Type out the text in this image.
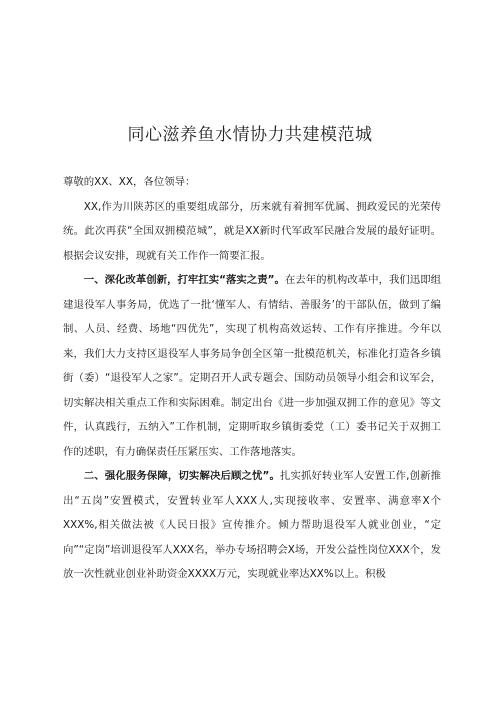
同心滋养鱼水情协力共建模范城

尊敬的XX、XX，各位领导：

XX,作为川陕苏区的重要组成部分，历来就有着拥军优属、拥政爱民的光荣传统。此次再获“全国双拥模范城”，就是XX新时代军政军民融合发展的最好证明。根据会议安排，现就有关工作作一简要汇报。

一、深化改革创新，打牢扛实“落实之责”。在去年的机构改革中，我们迅即组建退役军人事务局，优选了一批‘懂军人、有情结、善服务’的干部队伍，做到了编制、人员、经费、场地“四优先”，实现了机构高效运转、工作有序推进。今年以来，我们大力支持区退役军人事务局争创全区第一批模范机关，标准化打造各乡镇街（委）“退役军人之家”。定期召开人武专题会、国防动员领导小组会和议军会，切实解决相关重点工作和实际困难。制定出台《进一步加强双拥工作的意见》等文件，认真践行，五纳入”工作机制，定期听取乡镇街委党（工）委书记关于双拥工作的述职，有力确保责任压紧压实、工作落地落实。

二、强化服务保障，切实解决后顾之忧”。扎实抓好转业军人安置工作,创新推出“五岗”安置模式，安置转业军人XXX人,实现接收率、安置率、满意率X个XXX%,相关做法被《人民日报》宣传推介。倾力帮助退役军人就业创业，“定向”“定岗”培训退役军人XXX名，举办专场招聘会X场，开发公益性岗位XXX个，发放一次性就业创业补助资金XXXX万元，实现就业率达XX%以上。积极
